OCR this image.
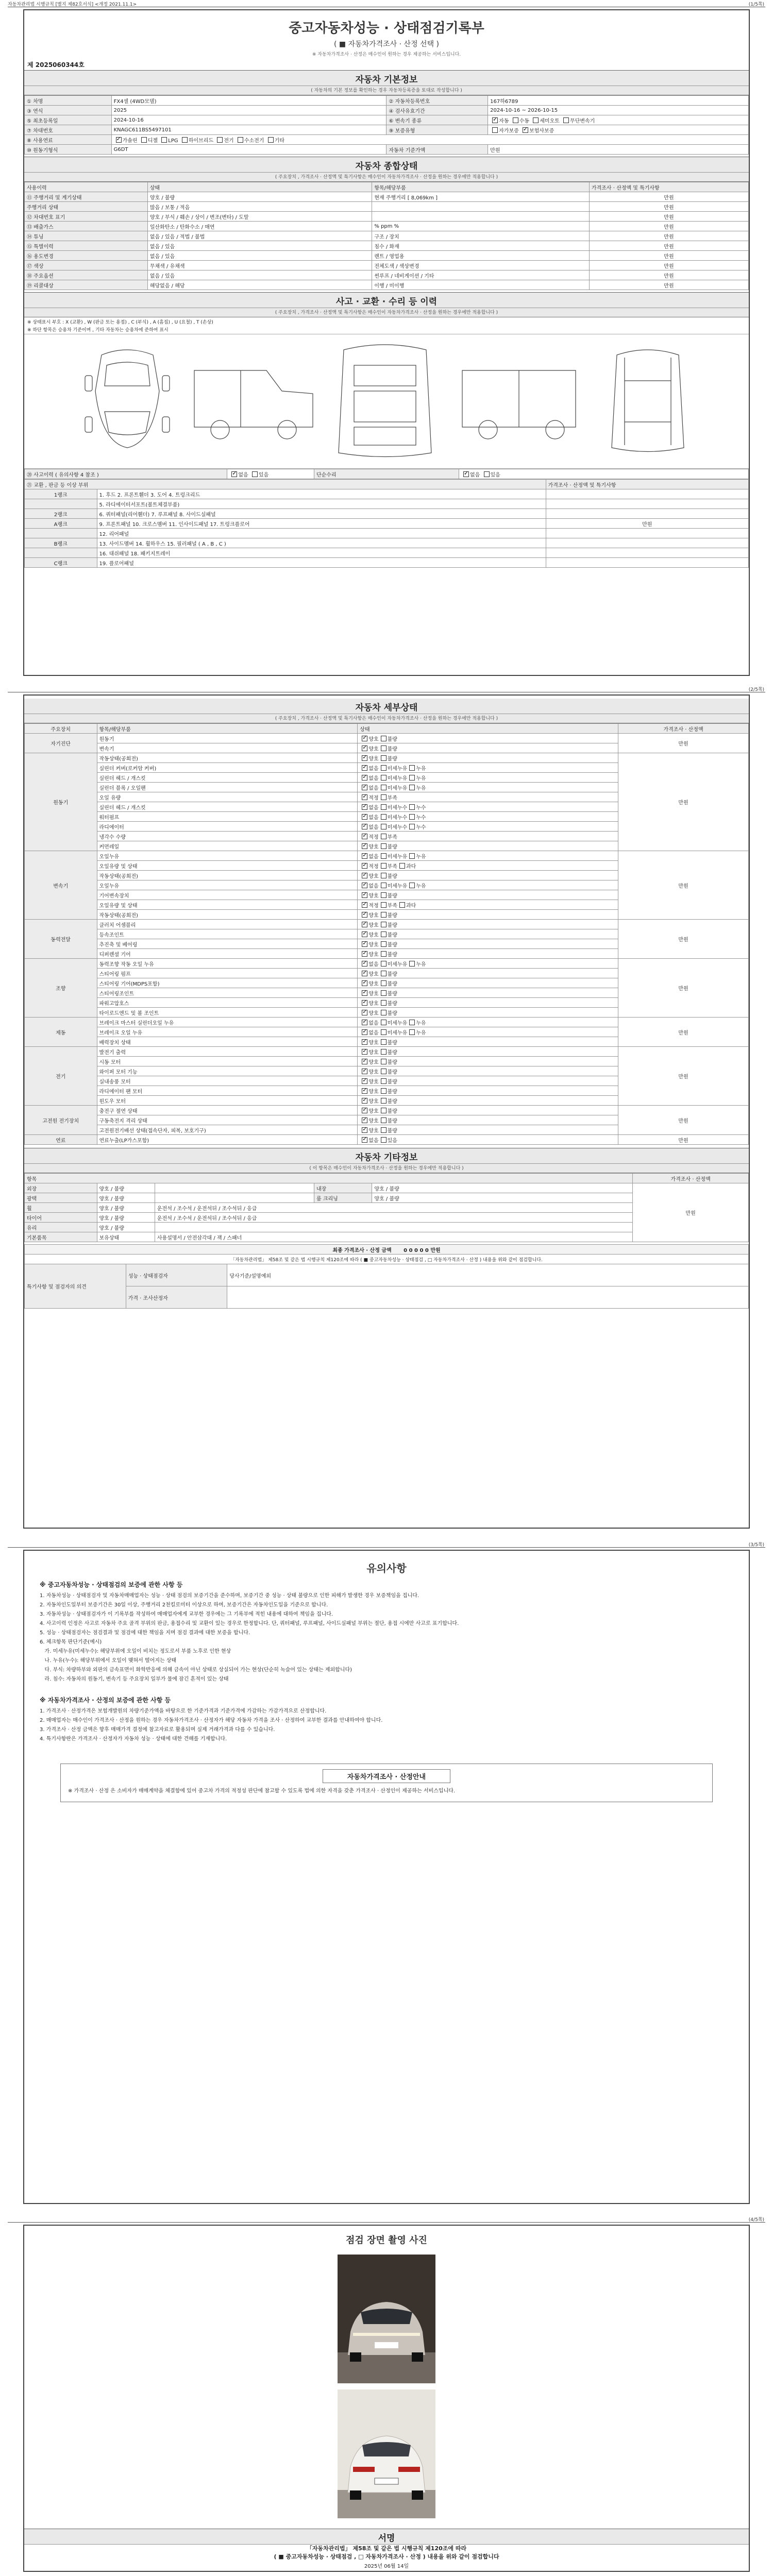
자동차관리법 시행규칙 [별지 제82호서식] <개정 2021.11.1>	(1/5쪽)
중고자동차성능 · 상태점검기록부
( ■ 자동차가격조사 · 산정 선택 )
※ 자동차가격조사 · 산정은 매수인이 원하는 경우 제공하는 서비스입니다.
제 2025060344호
자동차 기본정보
( 자동차의 기본 정보를 확인하는 경우 자동차등록증을 토대로 작성합니다 )
① 차명	FX4셀 (4WD모델)	② 자동차등록번호	167하6789
③ 연식	2025	④ 검사유효기간	2024-10-16 ~ 2026-10-15
⑤ 최초등록일	2024-10-16	⑥ 변속기 종류	✓자동 수동 세미오토 무단변속기
⑦ 차대번호	KNAGC611BS5497101	⑨ 보증유형	자가보증 ✓ 보험사보증
⑧ 사용연료	✓가솔린 디젤 LPG 하이브리드 전기 수소전기 기타
⑩ 원동기형식	G6DT	자동차 기준가액	만원
자동차 종합상태
( 주요장치 , 가격조사 · 산정액 및 특기사항은 매수인이 자동차가격조사 · 산정을 원하는 경우에만 적용합니다 )
사용이력	상태	항목/해당부품	가격조사 · 산정액 및 특기사항
⑪ 주행거리 및 계기상태	양호 / 불량	현재 주행거리 [ 8,069km ]	만원
주행거리 상태	많음 / 보통 / 적음		만원
⑫ 차대번호 표기	양호 / 부식 / 훼손 / 상이 / 변조(변타) / 도말		만원
⑬ 배출가스	일산화탄소 / 탄화수소 / 매연	% ppm %	만원
⑭ 튜닝	없음 / 있음 / 적법 / 불법	구조 / 장치	만원
⑮ 특별이력	없음 / 있음	침수 / 화재	만원
⑯ 용도변경	없음 / 있음	렌트 / 영업용	만원
⑰ 색상	무채색 / 유채색	전체도색 / 색상변경	만원
⑱ 주요옵션	없음 / 있음	썬루프 / 네비게이션 / 기타	만원
⑲ 리콜대상	해당없음 / 해당	이행 / 미이행	만원
사고 · 교환 · 수리 등 이력
( 주요장치 , 가격조사 · 산정액 및 특기사항은 매수인이 자동차가격조사 · 산정을 원하는 경우에만 적용합니다 )
※ 상태표시 부호 : X (교환) , W (판금 또는 용접) , C (부식) , A (흠집) , U (요철) , T (손상)
※ 하단 항목은 승용차 기준이며 , 기타 자동차는 승용차에 준하여 표시
⑳ 사고이력 ( 유의사항 4 참조 )	✓없음 있음	단순수리	✓없음 있음
㉑ 교환 , 판금 등 이상 부위		가격조사 · 산정액 및 특기사항
1랭크	1. 후드 2. 프론트휀더 3. 도어 4. 트렁크리드	
	5. 라디에이터서포트(볼트체결부품)	
2랭크	6. 쿼터패널(리어휀더) 7. 루프패널 8. 사이드실패널	
A랭크	9. 프론트패널 10. 크로스멤버 11. 인사이드패널 17. 트렁크플로어	만원
	12. 리어패널	
B랭크	13. 사이드멤버 14. 휠하우스 15. 필러패널 ( A , B , C )	
	16. 대쉬패널 18. 패키지트레이	
C랭크	19. 플로어패널	
(2/5쪽)
자동차 세부상태
( 주요장치 , 가격조사 · 산정액 및 특기사항은 매수인이 자동차가격조사 · 산정을 원하는 경우에만 적용합니다 )
주요장치	항목/해당부품	상태	가격조사 · 산정액
자기진단	원동기	✓양호 불량	만원
	변속기	✓양호 불량
원동기	작동상태(공회전)	✓양호 불량	만원
	실린더 커버(로커암 커버)	✓없음 미세누유 누유
	실린더 헤드 / 개스킷	✓없음 미세누유 누유
	실린더 블록 / 오일팬	✓없음 미세누유 누유
	오일 유량	✓적정 부족
	실린더 헤드 / 개스킷	✓없음 미세누수 누수
	워터펌프	✓없음 미세누수 누수
	라디에이터	✓없음 미세누수 누수
	냉각수 수량	✓적정 부족
	커먼레일	✓양호 불량
변속기	오일누유	✓없음 미세누유 누유	만원
	오일유량 및 상태	✓적정 부족 과다
	작동상태(공회전)	✓양호 불량
	오일누유	✓없음 미세누유 누유
	기어변속장치	✓양호 불량
	오일유량 및 상태	✓적정 부족 과다
	작동상태(공회전)	✓양호 불량
동력전달	클러치 어셈블리	✓양호 불량	만원
	등속조인트	✓양호 불량
	추진축 및 베어링	✓양호 불량
	디퍼렌셜 기어	✓양호 불량
조향	동력조향 작동 오일 누유	✓없음 미세누유 누유	만원
	스티어링 펌프	✓양호 불량
	스티어링 기어(MDPS포함)	✓양호 불량
	스티어링조인트	✓양호 불량
	파워고압호스	✓양호 불량
	타이로드엔드 및 볼 조인트	✓양호 불량
제동	브레이크 마스터 실린더오일 누유	✓없음 미세누유 누유	만원
	브레이크 오일 누유	✓없음 미세누유 누유
	배력장치 상태	✓양호 불량
전기	발전기 출력	✓양호 불량	만원
	시동 모터	✓양호 불량
	와이퍼 모터 기능	✓양호 불량
	실내송풍 모터	✓양호 불량
	라디에이터 팬 모터	✓양호 불량
	윈도우 모터	✓양호 불량
고전원 전기장치	충전구 절연 상태	✓양호 불량	만원
	구동축전지 격리 상태	✓양호 불량
	고전원전기배선 상태(접속단자, 피복, 보호기구)	✓양호 불량
연료	연료누출(LP가스포함)	✓없음 있음	만원
자동차 기타정보
( 이 항목은 매수인이 자동차가격조사 · 산정을 원하는 경우에만 적용합니다 )
항목					가격조사 · 산정액
외장	양호 / 불량		내장	양호 / 불량	만원
광택	양호 / 불량		룸 크리닝	양호 / 불량	
휠	양호 / 불량	운전석 / 조수석 / 운전석뒤 / 조수석뒤 / 응급			
타이어	양호 / 불량	운전석 / 조수석 / 운전석뒤 / 조수석뒤 / 응급			
유리	양호 / 불량				
기본품목	보유상태	사용설명서 / 안전삼각대 / 잭 / 스패너			
최종 가격조사 · 산정 금액 0 0 0 0 0 만원		
「자동차관리법」 제58조 및 같은 법 시행규칙 제120조에 따라 ( ■ 중고자동차성능 · 상태점검 , □ 자동차가격조사 · 산정 ) 내용을 위와 같이 점검합니다.		
특기사항 및 점검자의 의견	성능 · 상태점검자	당사기준/설명예외
	가격 · 조사산정자	
(3/5쪽)
유의사항
※ 중고자동차성능 · 상태점검의 보증에 관한 사항 등

1. 자동차성능 · 상태점검자 및 자동차매매업자는 성능 · 상태 점검의 보증기간을 준수하며, 보증기간 중 성능 · 상태 불량으로 인한 피해가 발생한 경우 보증책임을 집니다.

2. 자동차인도일부터 보증기간은 30일 이상, 주행거리 2천킬로미터 이상으로 하며, 보증기간은 자동차인도일을 기준으로 합니다.

3. 자동차성능 · 상태점검자가 이 기록부를 작성하여 매매업자에게 교부한 경우에는 그 기록부에 적힌 내용에 대하여 책임을 집니다.

4. 사고이력 인정은 사고로 자동차 주요 골격 부위의 판금, 용접수리 및 교환이 있는 경우로 한정합니다. 단, 쿼터패널, 루프패널, 사이드실패널 부위는 절단, 용접 시에만 사고로 표기합니다.

5. 성능 · 상태점검자는 점검결과 및 점검에 대한 책임을 지며 점검 결과에 대한 보증을 합니다.

6. 체크항목 판단기준(예시)

가. 미세누유(미세누수): 해당부위에 오일이 비치는 정도로서 부품 노후로 인한 현상

나. 누유(누수): 해당부위에서 오일이 맺혀서 떨어지는 상태

다. 부식: 차량하부와 외판의 금속표면이 화학반응에 의해 금속이 아닌 상태로 상실되어 가는 현상(단순히 녹슬어 있는 상태는 제외합니다)

라. 침수: 자동차의 원동기, 변속기 등 주요장치 일부가 물에 잠긴 흔적이 있는 상태

※ 자동차가격조사 · 산정의 보증에 관한 사항 등

1. 가격조사 · 산정가격은 보험개발원의 차량기준가액을 바탕으로 한 기준가격과 기준가격에 가감하는 가감가격으로 산정합니다.

2. 매매업자는 매수인이 가격조사 · 산정을 원하는 경우 자동차가격조사 · 산정자가 해당 자동차 가격을 조사 · 산정하여 교부한 결과를 안내하여야 합니다.

3. 가격조사 · 산정 금액은 향후 매매가격 결정에 참고자료로 활용되며 실제 거래가격과 다를 수 있습니다.

4. 특기사항란은 가격조사 · 산정자가 자동차 성능 · 상태에 대한 견해를 기재합니다.

자동차가격조사 · 산정안내

※ 가격조사 · 산정 은 소비자가 매매계약을 체결함에 있어 중고차 가격의 적정성 판단에 참고할 수 있도록 법에 의한 자격을 갖춘 가격조사 · 산정인이 제공하는 서비스입니다.

(4/5쪽)
점검 장면 촬영 사진
서명
「자동차관리법」 제58조 및 같은 법 시행규칙 제120조에 따라
( ■ 중고자동차성능 · 상태점검 , □ 자동차가격조사 · 산정 ) 내용을 위와 같이 점검합니다
2025년 06월 14일
